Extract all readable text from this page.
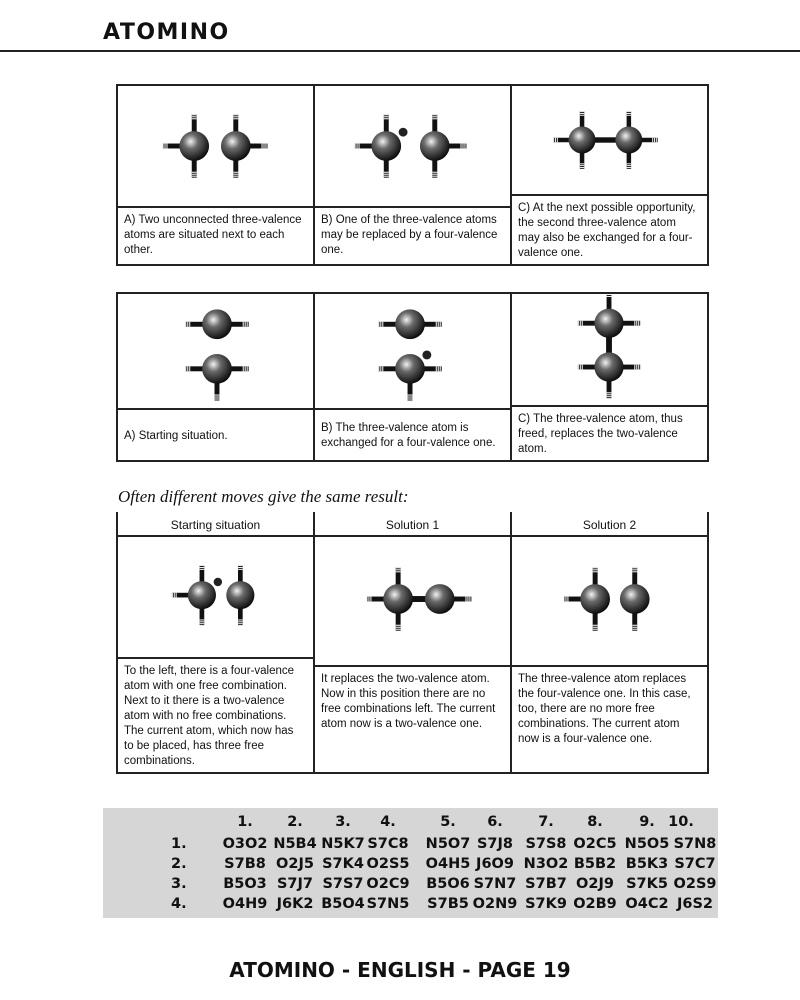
ATOMINO
A) Two unconnected three-valence atoms are situated next to each other.
B) One of the three-valence atoms may be replaced by a four-valence one.
C) At the next possible opportunity, the second three-valence atom may also be exchanged for a four-valence one.
A) Starting situation.
B) The three-valence atom is exchanged for a four-valence one.
C) The three-valence atom, thus freed, replaces the two-valence atom.
Often different moves give the same result:
Starting situation
To the left, there is a four-valence atom with one free combination. Next to it there is a two-valence atom with no free combinations. The current atom, which now has to be placed, has three free combinations.
Solution 1
It replaces the two-valence atom. Now in this position there are no free combinations left. The current atom now is a two-valence one.
Solution 2
The three-valence atom replaces the four-valence one. In this case, too, there are no more free combinations. The current atom now is a four-valence one.
1. 2. 3. 4.	5. 6. 7. 8.	9. 10.
1. O3O2 N5B4 N5K7 S7C8 N5O7 S7J8 S7S8 O2C5 N5O5 S7N8
2.	S7B8 O2J5 S7K4 O2S5 O4H5 J6O9 N3O2 B5B2 B5K3 S7C7
3.	B5O3 S7J7 S7S7 O2C9 B5O6 S7N7 S7B7 O2J9 S7K5 O2S9
4. O4H9 J6K2 B5O4 S7N5 S7B5 O2N9 S7K9 O2B9 O4C2 J6S2
ATOMINO - ENGLISH - PAGE 19
